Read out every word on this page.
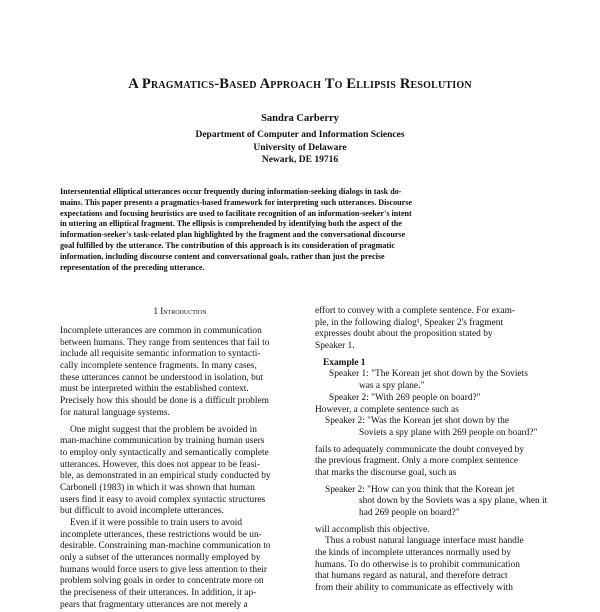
A Pragmatics-Based Approach To Ellipsis Resolution
Sandra Carberry
Department of Computer and Information Sciences
University of Delaware
Newark, DE 19716
Intersentential elliptical utterances occur frequently during information-seeking dialogs in task do-
mains. This paper presents a pragmatics-based framework for interpreting such utterances. Discourse
expectations and focusing heuristics are used to facilitate recognition of an information-seeker's intent
in uttering an elliptical fragment. The ellipsis is comprehended by identifying both the aspect of the
information-seeker's task-related plan highlighted by the fragment and the conversational discourse
goal fulfilled by the utterance. The contribution of this approach is its consideration of pragmatic
information, including discourse content and conversational goals, rather than just the precise
representation of the preceding utterance.
1 Introduction
Incomplete utterances are common in communication
between humans. They range from sentences that fail to
include all requisite semantic information to syntacti-
cally incomplete sentence fragments. In many cases,
these utterances cannot be understood in isolation, but
must be interpreted within the established context.
Precisely how this should be done is a difficult problem
for natural language systems.
One might suggest that the problem be avoided in
man-machine communication by training human users
to employ only syntactically and semantically complete
utterances. However, this does not appear to be feasi-
ble, as demonstrated in an empirical study conducted by
Carbonell (1983) in which it was shown that human
users find it easy to avoid complex syntactic structures
but difficult to avoid incomplete utterances.
Even if it were possible to train users to avoid
incomplete utterances, these restrictions would be un-
desirable. Constraining man-machine communication to
only a subset of the utterances normally employed by
humans would force users to give less attention to their
problem solving goals in order to concentrate more on
the preciseness of their utterances. In addition, it ap-
pears that fragmentary utterances are not merely a
effort to convey with a complete sentence. For exam-
ple, in the following dialog¹, Speaker 2's fragment
expresses doubt about the proposition stated by
Speaker 1.
Example 1
Speaker 1: "The Korean jet shot down by the Soviets
was a spy plane."
Speaker 2: "With 269 people on board?"
However, a complete sentence such as
Speaker 2: "Was the Korean jet shot down by the
Soviets a spy plane with 269 people on board?"
fails to adequately communicate the doubt conveyed by
the previous fragment. Only a more complex sentence
that marks the discourse goal, such as
Speaker 2: "How can you think that the Korean jet
shot down by the Soviets was a spy plane, when it
had 269 people on board?"
will accomplish this objective.
Thus a robust natural language interface must handle
the kinds of incomplete utterances normally used by
humans. To do otherwise is to prohibit communication
that humans regard as natural, and therefore detract
from their ability to communicate as effectively with
